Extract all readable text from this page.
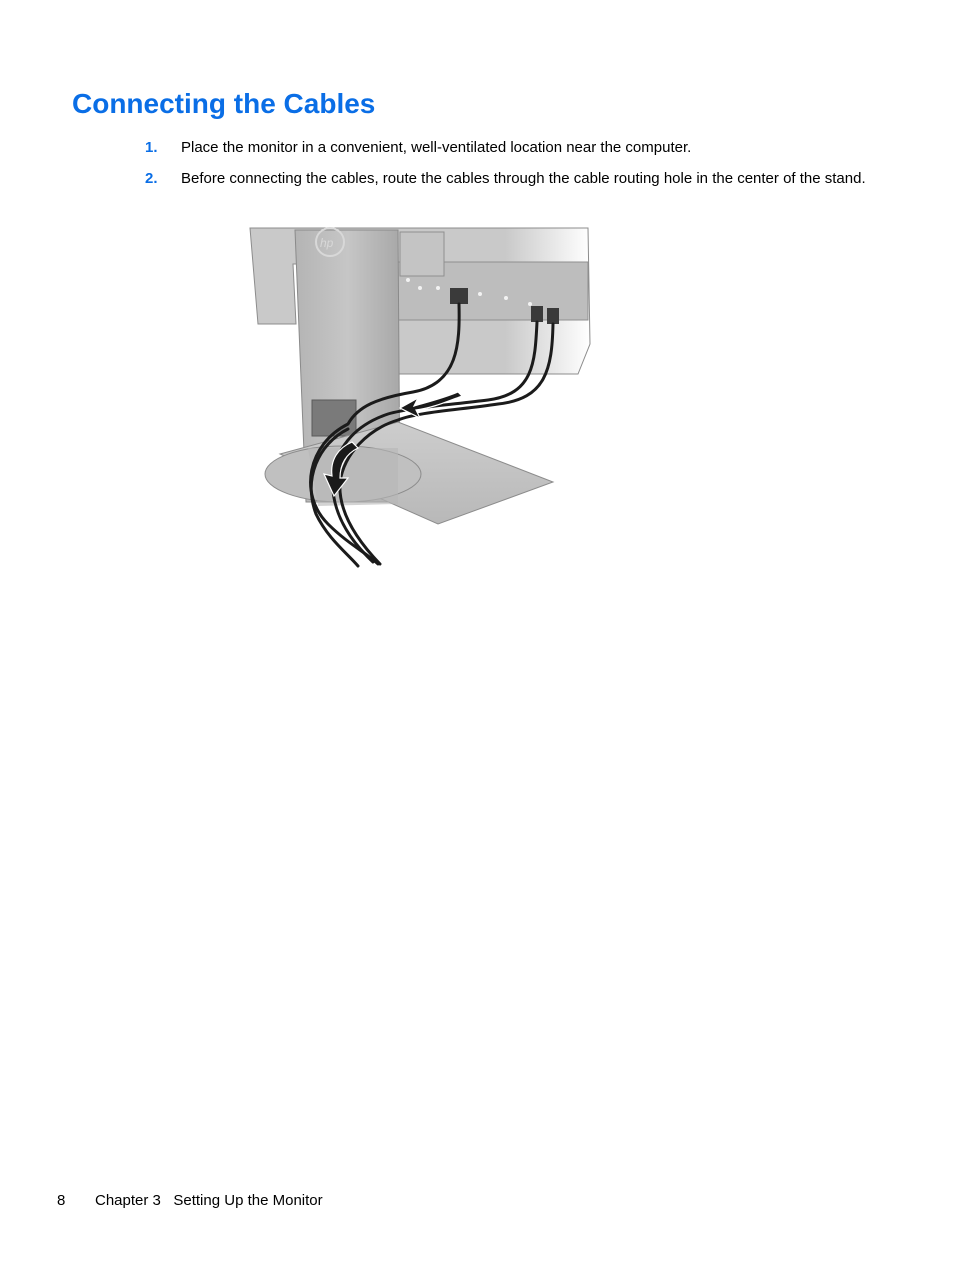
Connecting the Cables
1. Place the monitor in a convenient, well-ventilated location near the computer.
2. Before connecting the cables, route the cables through the cable routing hole in the center of the stand.
hp
8 Chapter 3   Setting Up the Monitor
